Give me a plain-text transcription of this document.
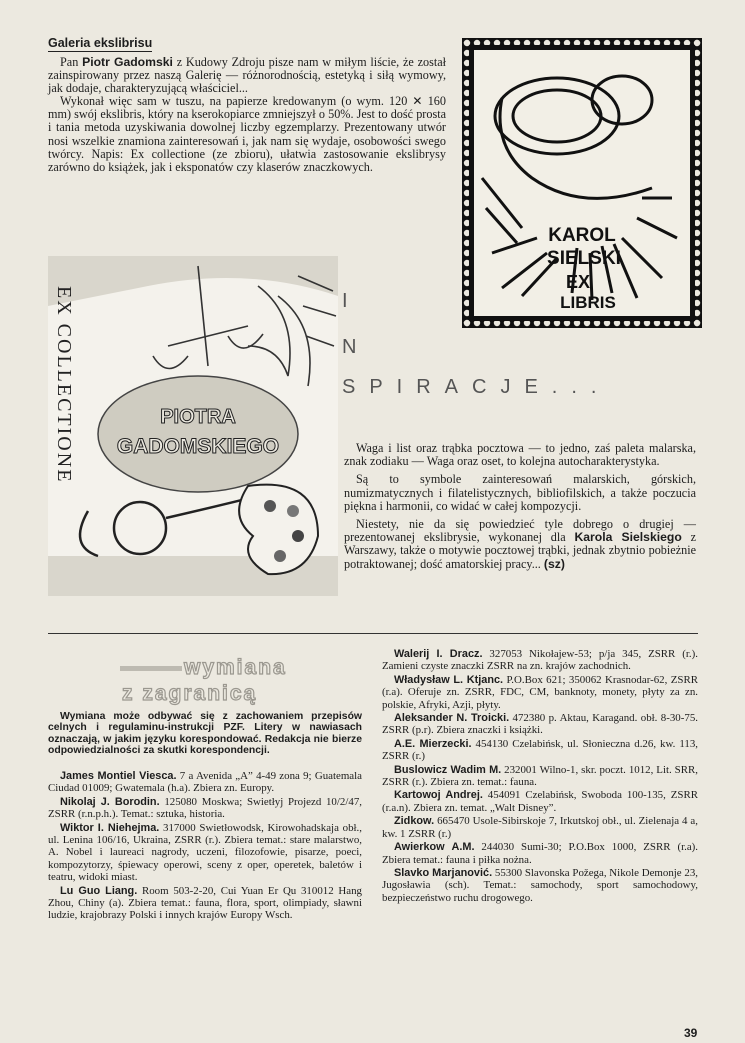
Galeria ekslibrisu

Pan Piotr Gadomski z Kudowy Zdroju pisze nam w miłym liście, że został zainspirowany przez naszą Galerię — różnorodnością, estetyką i siłą wymowy, jak dodaje, charakteryzującą właściciel...

Wykonał więc sam w tuszu, na papierze kredowanym (o wym. 120 ✕ 160 mm) swój ekslibris, który na kserokopiarce zmniejszył o 50%. Jest to dość prosta i tania metoda uzyskiwania dowolnej liczby egzemplarzy. Prezentowany utwór nosi wszelkie znamiona zainteresowań i, jak nam się wydaje, osobowości swego twórcy. Napis: Ex collectione (ze zbioru), ułatwia zastosowanie ekslibrysy zarówno do książek, jak i eksponatów czy klaserów znaczkowych.

KAROL
SIELSKI
EX
LIBRIS
PIOTRA
GADOMSKIEGO
EX COLLECTIONE	I
N
SPIRACJE...

Waga i list oraz trąbka pocztowa — to jedno, zaś paleta malarska, znak zodiaku — Waga oraz oset, to kolejna autocharakterystyka.

Są to symbole zainteresowań malarskich, górskich, numizmatycznych i filatelistycznych, bibliofilskich, a także poczucia piękna i harmonii, co widać w całej kompozycji.

Niestety, nie da się powiedzieć tyle dobrego o drugiej — prezentowanej ekslibrysie, wykonanej dla Karola Sielskiego z Warszawy, także o motywie pocztowej trąbki, jednak zbytnio pobieżnie potraktowanej; dość amatorskiej pracy... (sz)

wymiana
z zagranicą

Wymiana może odbywać się z zachowaniem przepisów celnych i regulaminu-instrukcji PZF. Litery w nawiasach oznaczają, w jakim języku korespondować. Redakcja nie bierze odpowiedzialności za skutki korespondencji.

James Montiel Viesca. 7 a Avenida „A” 4-49 zona 9; Guatemala Ciudad 01009; Gwatemala (h.a). Zbiera zn. Europy.

Nikolaj J. Borodin. 125080 Moskwa; Swietłyj Projezd 10/2/47, ZSRR (r.n.p.h.). Temat.: sztuka, historia.

Wiktor I. Niehejma. 317000 Swietłowodsk, Kirowohadskaja obł., ul. Lenina 106/16, Ukraina, ZSRR (r.). Zbiera temat.: stare malarstwo, A. Nobel i laureaci nagrody, uczeni, filozofowie, pisarze, poeci, kompozytorzy, śpiewacy operowi, sceny z oper, operetek, baletów i teatru, widoki miast.

Lu Guo Liang. Room 503-2-20, Cui Yuan Er Qu 310012 Hang Zhou, Chiny (a). Zbiera temat.: fauna, flora, sport, olimpiady, sławni ludzie, krajobrazy Polski i innych krajów Europy Wsch.

Walerij I. Dracz. 327053 Nikołajew-53; p/ja 345, ZSRR (r.). Zamieni czyste znaczki ZSRR na zn. krajów zachodnich.

Władysław L. Ktjanc. P.O.Box 621; 350062 Krasnodar-62, ZSRR (r.a). Oferuje zn. ZSRR, FDC, CM, banknoty, monety, płyty za zn. polskie, Afryki, Azji, płyty.

Aleksander N. Troicki. 472380 p. Aktau, Karagand. obł. 8-30-75. ZSRR (p.r). Zbiera znaczki i książki.

A.E. Mierzecki. 454130 Czelabińsk, ul. Słonieczna d.26, kw. 113, ZSRR (r.)

Buslowicz Wadim M. 232001 Wilno-1, skr. poczt. 1012, Lit. SRR, ZSRR (r.). Zbiera zn. temat.: fauna.

Kartowoj Andrej. 454091 Czelabińsk, Swoboda 100-135, ZSRR (r.a.n). Zbiera zn. temat. „Walt Disney”.

Zidkow. 665470 Usole-Sibirskoje 7, Irkutskoj obł., ul. Zielenaja 4 a, kw. 1 ZSRR (r.)

Awierkow A.M. 244030 Sumi-30; P.O.Box 1000, ZSRR (r.a). Zbiera temat.: fauna i piłka nożna.

Slavko Marjanović. 55300 Slavonska Požega, Nikole Demonje 23, Jugosławia (sch). Temat.: samochody, sport samochodowy, bezpieczeństwo ruchu drogowego.

39
